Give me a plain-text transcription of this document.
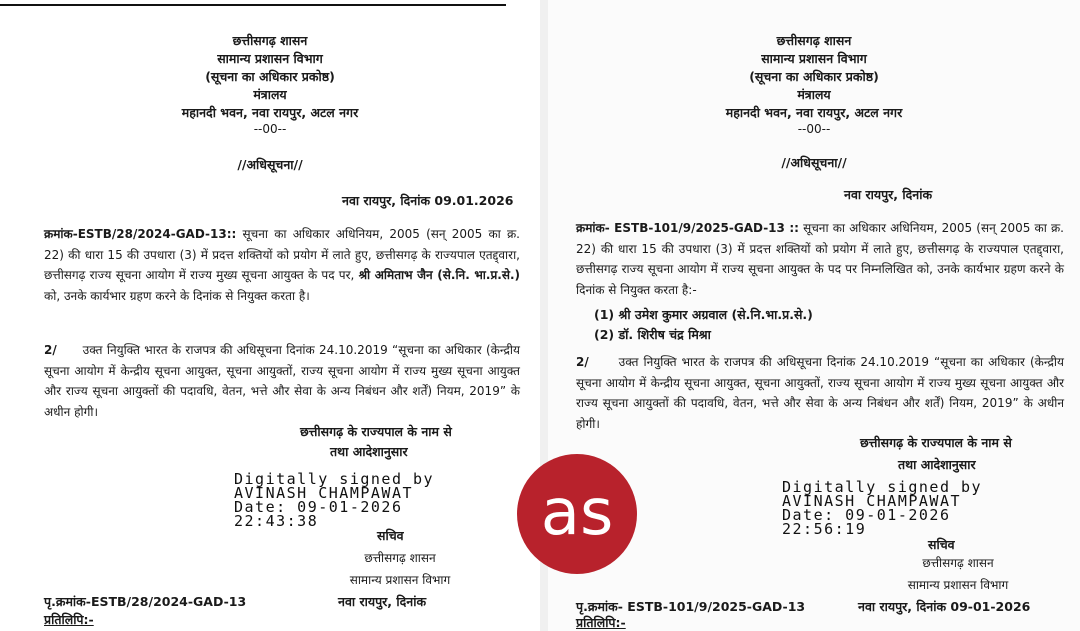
छत्तीसगढ़ शासन
सामान्य प्रशासन विभाग
(सूचना का अधिकार प्रकोष्ठ)
मंत्रालय
महानदी भवन, नवा रायपुर, अटल नगर
--00--
//अधिसूचना//
नवा रायपुर, दिनांक 09.01.2026

क्रमांक-ESTB/28/2024-GAD-13:: सूचना का अधिकार अधिनियम, 2005 (सन् 2005 का क्र. 22) की धारा 15 की उपधारा (3) में प्रदत्त शक्तियों को प्रयोग में लाते हुए, छत्तीसगढ़ के राज्यपाल एतद्द्वारा, छत्तीसगढ़ राज्य सूचना आयोग में राज्य मुख्य सूचना आयुक्त के पद पर, श्री अमिताभ जैन (से.नि. भा.प्र.से.) को, उनके कार्यभार ग्रहण करने के दिनांक से नियुक्त करता है।

2/ उक्त नियुक्ति भारत के राजपत्र की अधिसूचना दिनांक 24.10.2019 “सूचना का अधिकार (केन्द्रीय सूचना आयोग में केन्द्रीय सूचना आयुक्त, सूचना आयुक्तों, राज्य सूचना आयोग में राज्य मुख्य सूचना आयुक्त और राज्य सूचना आयुक्तों की पदावधि, वेतन, भत्ते और सेवा के अन्य निबंधन और शर्तें) नियम, 2019” के अधीन होगी।

छत्तीसगढ़ के राज्यपाल के नाम से
तथा आदेशानुसार
Digitally signed by
AVINASH CHAMPAWAT
Date: 09-01-2026
22:43:38
सचिव
छत्तीसगढ़ शासन
सामान्य प्रशासन विभाग
पृ.क्रमांक-ESTB/28/2024-GAD-13	नवा रायपुर, दिनांक
प्रतिलिपि:-
छत्तीसगढ़ शासन
सामान्य प्रशासन विभाग
(सूचना का अधिकार प्रकोष्ठ)
मंत्रालय
महानदी भवन, नवा रायपुर, अटल नगर
--00--
//अधिसूचना//
नवा रायपुर, दिनांक

क्रमांक- ESTB-101/9/2025-GAD-13 :: सूचना का अधिकार अधिनियम, 2005 (सन् 2005 का क्र. 22) की धारा 15 की उपधारा (3) में प्रदत्त शक्तियों को प्रयोग में लाते हुए, छत्तीसगढ़ के राज्यपाल एतद्द्वारा, छत्तीसगढ़ राज्य सूचना आयोग में राज्य सूचना आयुक्त के पद पर निम्नलिखित को, उनके कार्यभार ग्रहण करने के दिनांक से नियुक्त करता है:-

(1) श्री उमेश कुमार अग्रवाल (से.नि.भा.प्र.से.)
(2) डॉ. शिरीष चंद्र मिश्रा

2/ उक्त नियुक्ति भारत के राजपत्र की अधिसूचना दिनांक 24.10.2019 “सूचना का अधिकार (केन्द्रीय सूचना आयोग में केन्द्रीय सूचना आयुक्त, सूचना आयुक्तों, राज्य सूचना आयोग में राज्य मुख्य सूचना आयुक्त और राज्य सूचना आयुक्तों की पदावधि, वेतन, भत्ते और सेवा के अन्य निबंधन और शर्तें) नियम, 2019” के अधीन होगी।

छत्तीसगढ़ के राज्यपाल के नाम से
तथा आदेशानुसार
Digitally signed by
AVINASH CHAMPAWAT
Date: 09-01-2026
22:56:19
सचिव
छत्तीसगढ़ शासन
सामान्य प्रशासन विभाग
पृ.क्रमांक- ESTB-101/9/2025-GAD-13	नवा रायपुर, दिनांक 09-01-2026
प्रतिलिपि:-
as
